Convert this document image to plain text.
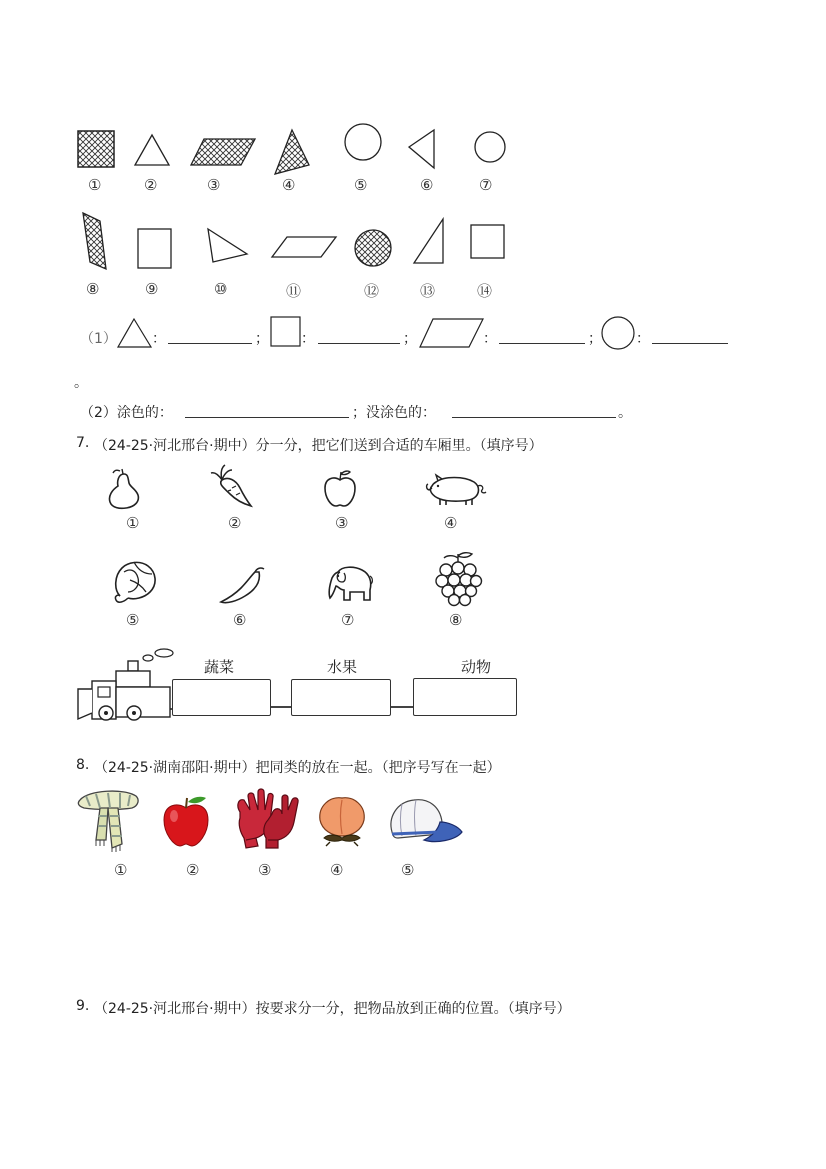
①	②	③	④	⑤	⑥	⑦
⑧	⑨	⑩	⑪	⑫	⑬	⑭
（1）	：	； ：	；	：	； ：
。
（2）涂色的：	；没涂色的：	。
7. （24-25·河北邢台·期中）分一分，把它们送到合适的车厢里。（填序号）
①	②	③	④
⑤	⑥	⑦	⑧
蔬菜	水果	动物
8. （24-25·湖南邵阳·期中）把同类的放在一起。（把序号写在一起）
①	②	③	④	⑤
9. （24-25·河北邢台·期中）按要求分一分，把物品放到正确的位置。（填序号）
